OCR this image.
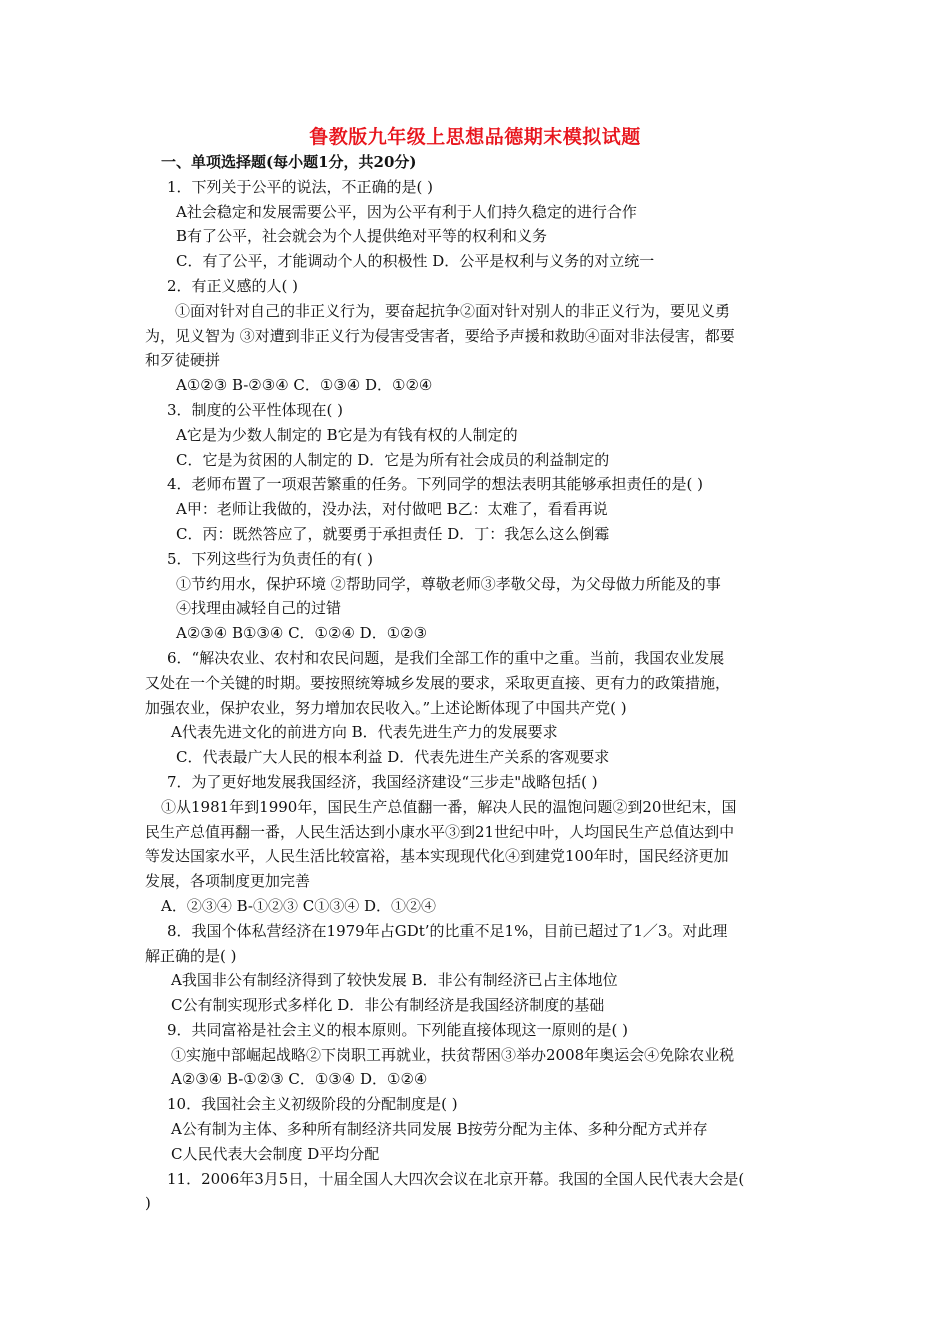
鲁教版九年级上思想品德期末模拟试题
一、单项选择题(每小题1分，共20分)
1．下列关于公平的说法，不正确的是( )
A社会稳定和发展需要公平，因为公平有利于人们持久稳定的进行合作
B有了公平，社会就会为个人提供绝对平等的权利和义务
C．有了公平，才能调动个人的积极性 D．公平是权利与义务的对立统一
2．有正义感的人( )
①面对针对自己的非正义行为，要奋起抗争②面对针对别人的非正义行为，要见义勇
为，见义智为 ③对遭到非正义行为侵害受害者，要给予声援和救助④面对非法侵害，都要
和歹徒硬拼
A①②③ B-②③④ C．①③④ D．①②④
3．制度的公平性体现在( )
A它是为少数人制定的 B它是为有钱有权的人制定的
C．它是为贫困的人制定的 D．它是为所有社会成员的利益制定的
4．老师布置了一项艰苦繁重的任务。下列同学的想法表明其能够承担责任的是( )
A甲：老师让我做的，没办法，对付做吧 B乙：太难了，看看再说
C．丙：既然答应了，就要勇于承担责任 D．丁：我怎么这么倒霉
5．下列这些行为负责任的有( )
①节约用水，保护环境 ②帮助同学，尊敬老师③孝敬父母，为父母做力所能及的事
④找理由减轻自己的过错
A②③④ B①③④ C．①②④ D．①②③
6．“解决农业、农村和农民问题，是我们全部工作的重中之重。当前，我国农业发展
又处在一个关键的时期。要按照统筹城乡发展的要求，采取更直接、更有力的政策措施，
加强农业，保护农业，努力增加农民收入。”上述论断体现了中国共产党( )
A代表先进文化的前进方向 B．代表先进生产力的发展要求
C．代表最广大人民的根本利益 D．代表先进生产关系的客观要求
7．为了更好地发展我国经济，我国经济建设“三步走"战略包括( )
①从1981年到1990年，国民生产总值翻一番，解决人民的温饱问题②到20世纪末，国
民生产总值再翻一番，人民生活达到小康水平③到21世纪中叶，人均国民生产总值达到中
等发达国家水平，人民生活比较富裕，基本实现现代化④到建党100年时，国民经济更加
发展，各项制度更加完善
A．②③④ B-①②③ C①③④ D．①②④
8．我国个体私营经济在1979年占GDt’的比重不足1%，目前已超过了1／3。对此理
解正确的是( )
A我国非公有制经济得到了较快发展 B．非公有制经济已占主体地位
C公有制实现形式多样化 D．非公有制经济是我国经济制度的基础
9．共同富裕是社会主义的根本原则。下列能直接体现这一原则的是( )
①实施中部崛起战略②下岗职工再就业，扶贫帮困③举办2008年奥运会④免除农业税
A②③④ B-①②③ C．①③④ D．①②④
10．我国社会主义初级阶段的分配制度是( )
A公有制为主体、多种所有制经济共同发展 B按劳分配为主体、多种分配方式并存
C人民代表大会制度 D平均分配
11．2006年3月5日，十届全国人大四次会议在北京开幕。我国的全国人民代表大会是(
)
